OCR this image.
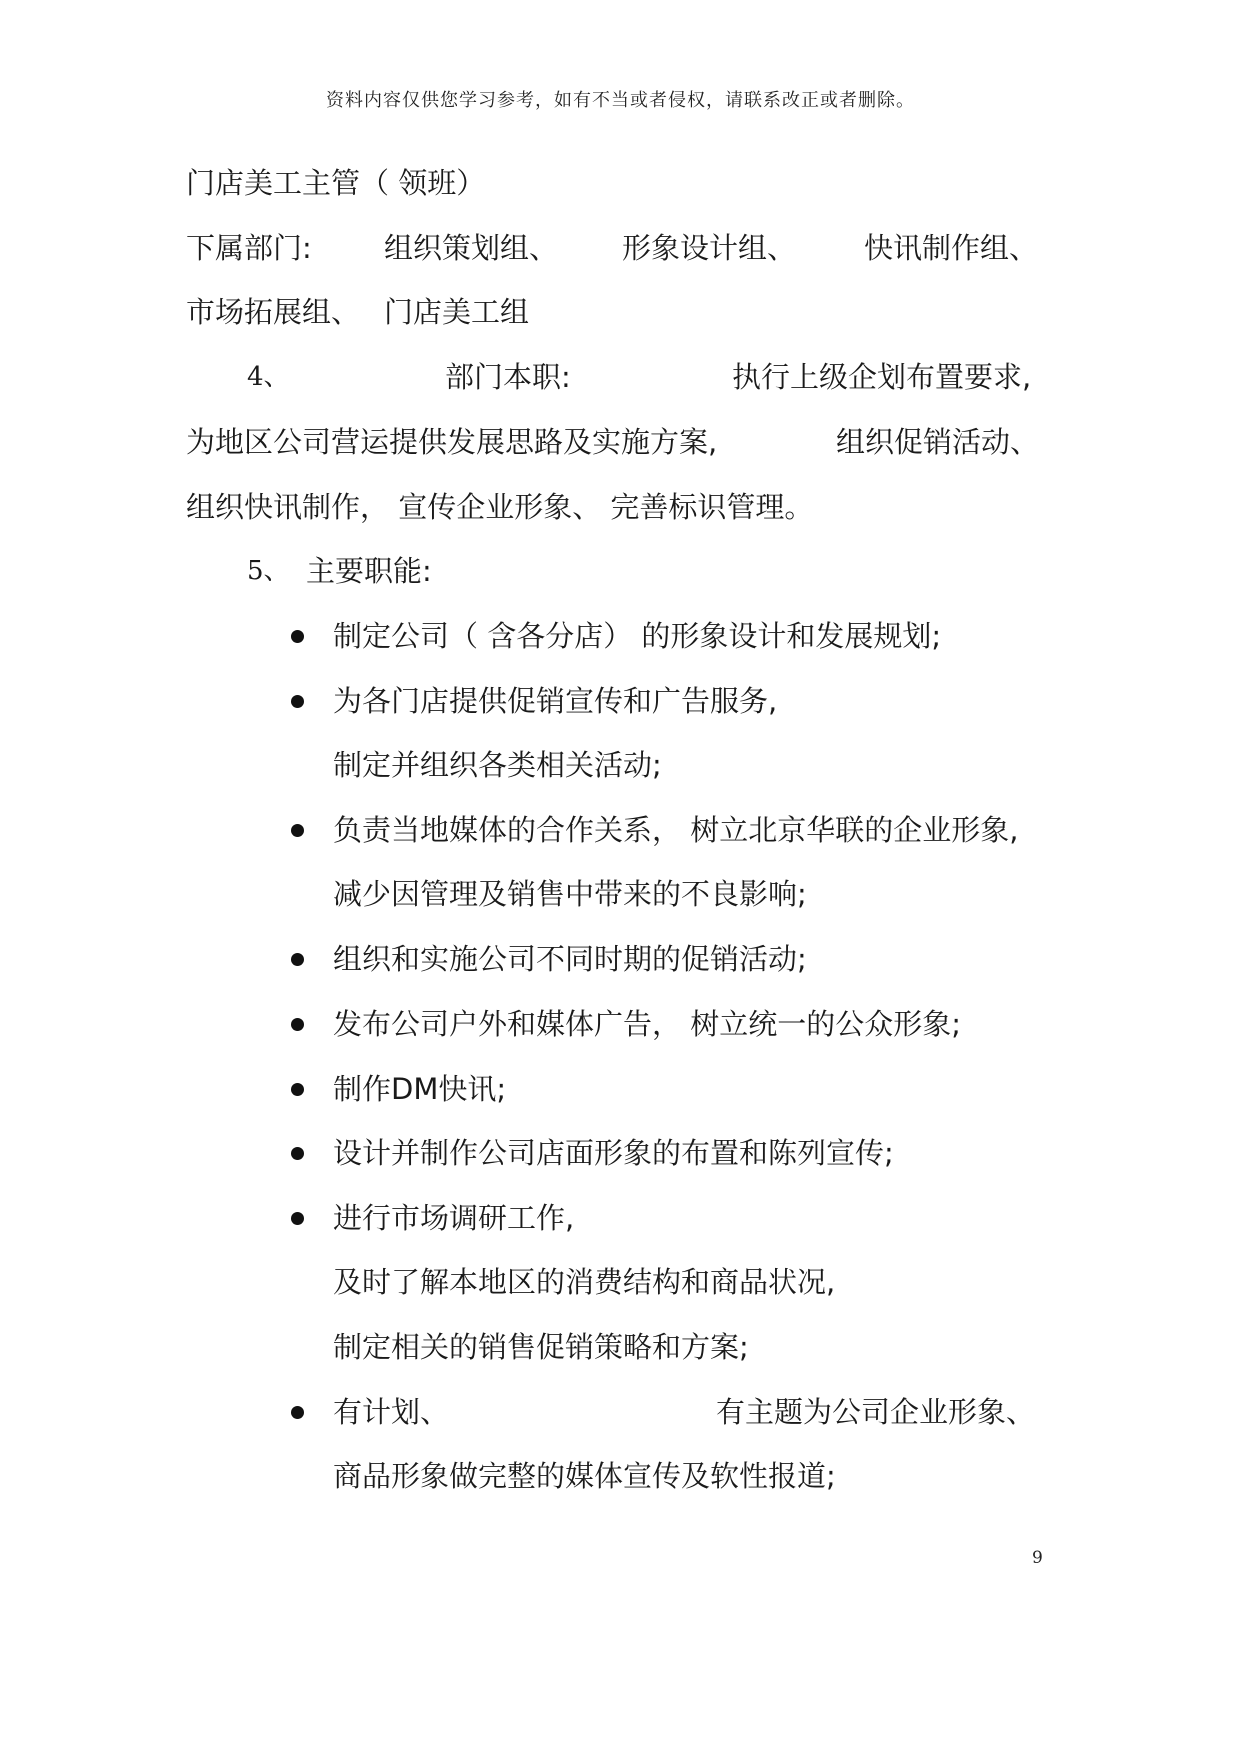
资料内容仅供您学习参考，如有不当或者侵权，请联系改正或者删除。
门店美工主管（ 领班）
下属部门: 组织策划组、 形象设计组、 快讯制作组、
市场拓展组、 门店美工组
4、	部门本职:	执行上级企划布置要求,
为地区公司营运提供发展思路及实施方案,	组织促销活动、
组织快讯制作， 宣传企业形象、 完善标识管理。
5、 主要职能:
制定公司（ 含各分店） 的形象设计和发展规划;
为各门店提供促销宣传和广告服务,
制定并组织各类相关活动;
负责当地媒体的合作关系， 树立北京华联的企业形象,
减少因管理及销售中带来的不良影响;
组织和实施公司不同时期的促销活动;
发布公司户外和媒体广告， 树立统一的公众形象;
制作DM快讯;
设计并制作公司店面形象的布置和陈列宣传;
进行市场调研工作,
及时了解本地区的消费结构和商品状况,
制定相关的销售促销策略和方案;
有计划、	有主题为公司企业形象、
商品形象做完整的媒体宣传及软性报道;
9
